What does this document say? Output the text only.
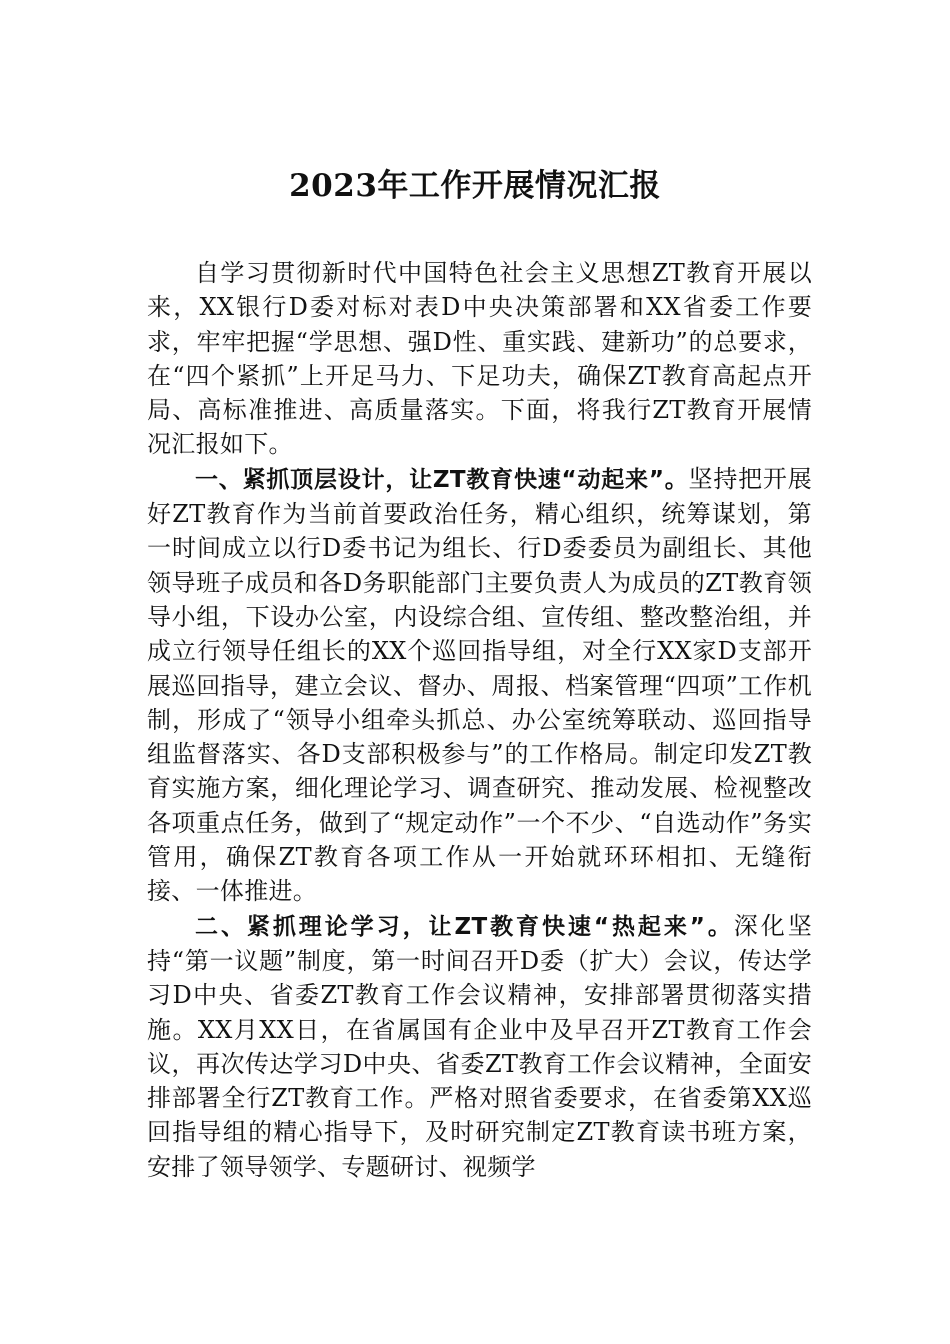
2023年工作开展情况汇报

自学习贯彻新时代中国特色社会主义思想ZT教育开展以来，XX银行D委对标对表D中央决策部署和XX省委工作要求，牢牢把握“学思想、强D性、重实践、建新功”的总要求，在“四个紧抓”上开足马力、下足功夫，确保ZT教育高起点开局、高标准推进、高质量落实。下面，将我行ZT教育开展情况汇报如下。

一、紧抓顶层设计，让ZT教育快速“动起来”。坚持把开展好ZT教育作为当前首要政治任务，精心组织，统筹谋划，第一时间成立以行D委书记为组长、行D委委员为副组长、其他领导班子成员和各D务职能部门主要负责人为成员的ZT教育领导小组，下设办公室，内设综合组、宣传组、整改整治组，并成立行领导任组长的XX个巡回指导组，对全行XX家D支部开展巡回指导，建立会议、督办、周报、档案管理“四项”工作机制，形成了“领导小组牵头抓总、办公室统筹联动、巡回指导组监督落实、各D支部积极参与”的工作格局。制定印发ZT教育实施方案，细化理论学习、调查研究、推动发展、检视整改各项重点任务，做到了“规定动作”一个不少、“自选动作”务实管用，确保ZT教育各项工作从一开始就环环相扣、无缝衔接、一体推进。

二、紧抓理论学习，让ZT教育快速“热起来”。深化坚持“第一议题”制度，第一时间召开D委（扩大）会议，传达学习D中央、省委ZT教育工作会议精神，安排部署贯彻落实措施。XX月XX日，在省属国有企业中及早召开ZT教育工作会议，再次传达学习D中央、省委ZT教育工作会议精神，全面安排部署全行ZT教育工作。严格对照省委要求，在省委第XX巡回指导组的精心指导下，及时研究制定ZT教育读书班方案，安排了领导领学、专题研讨、视频学
